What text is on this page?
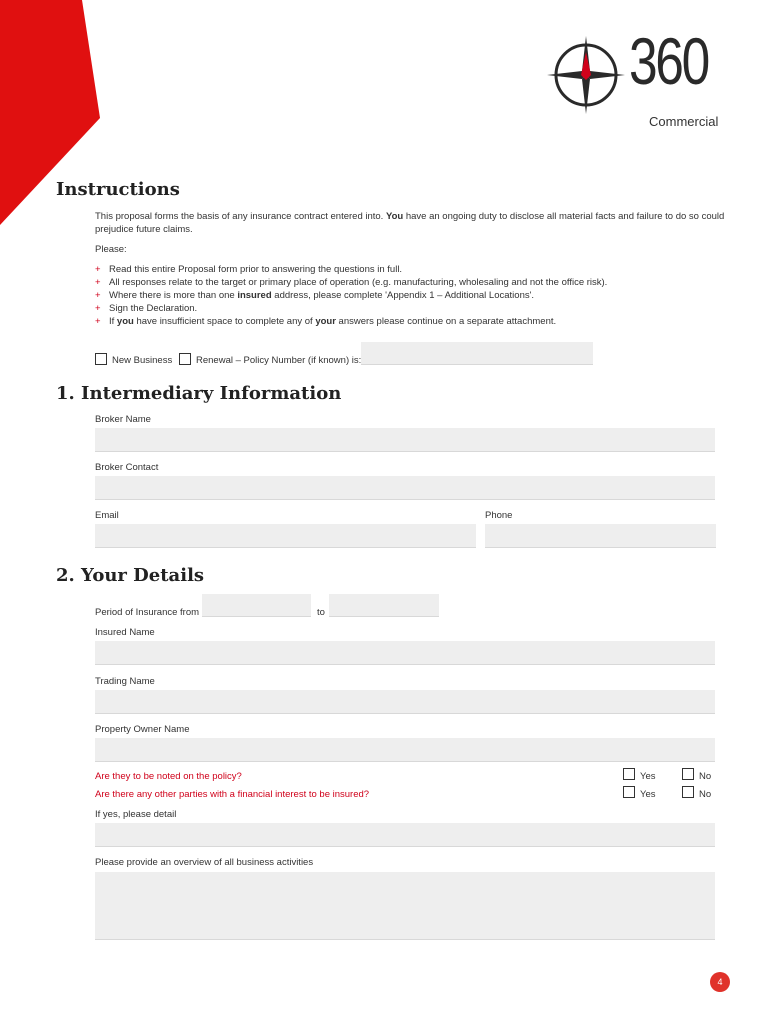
360
Commercial
Instructions
This proposal forms the basis of any insurance contract entered into. You have an ongoing duty to disclose all material facts and failure to do so could
prejudice future claims.
Please:
+ Read this entire Proposal form prior to answering the questions in full.
+ All responses relate to the target or primary place of operation (e.g. manufacturing, wholesaling and not the office risk).
+ Where there is more than one insured address, please complete 'Appendix 1 – Additional Locations'.
+ Sign the Declaration.
+ If you have insufficient space to complete any of your answers please continue on a separate attachment.
New Business	Renewal – Policy Number (if known) is:
1. Intermediary Information
Broker Name
Broker Contact
Email	Phone
2. Your Details
Period of Insurance from	to
Insured Name
Trading Name
Property Owner Name
Are they to be noted on the policy?	Yes	No
Are there any other parties with a financial interest to be insured?	Yes	No
If yes, please detail
Please provide an overview of all business activities
4
